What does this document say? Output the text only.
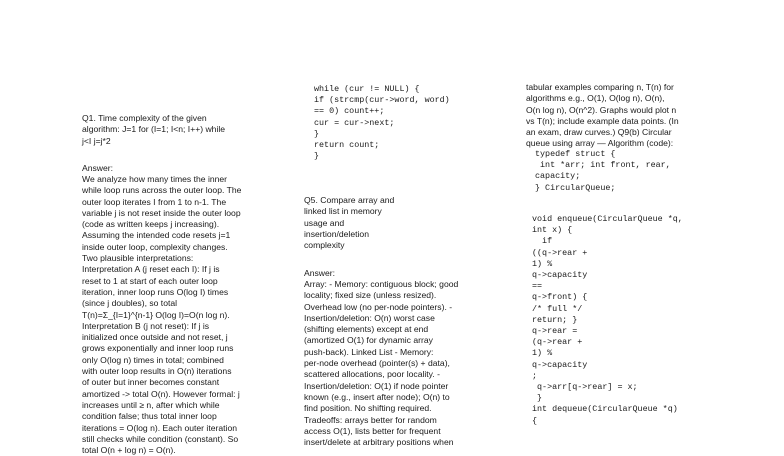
Q1. Time complexity of the given
algorithm: J=1 for (I=1; I<n; I++) while
j<I j=j*2

Answer:

We analyze how many times the inner
while loop runs across the outer loop. The
outer loop iterates I from 1 to n-1. The
variable j is not reset inside the outer loop
(code as written keeps j increasing).
Assuming the intended code resets j=1
inside outer loop, complexity changes.
Two plausible interpretations:
Interpretation A (j reset each I): If j is
reset to 1 at start of each outer loop
iteration, inner loop runs O(log I) times
(since j doubles), so total
T(n)=Σ_{I=1}^{n-1} O(log I)=O(n log n).
Interpretation B (j not reset): If j is
initialized once outside and not reset, j
grows exponentially and inner loop runs
only O(log n) times in total; combined
with outer loop results in O(n) iterations
of outer but inner becomes constant
amortized -> total O(n). However formal: j
increases until ≥ n, after which while
condition false; thus total inner loop
iterations = O(log n). Each outer iteration
still checks while condition (constant). So
total O(n + log n) = O(n).

while (cur != NULL) {
if (strcmp(cur->word, word)
== 0) count++;
cur = cur->next;
}
return count;
}

Q5. Compare array and
linked list in memory
usage and
insertion/deletion
complexity

Answer:

Array: - Memory: contiguous block; good
locality; fixed size (unless resized).
Overhead low (no per-node pointers). -
Insertion/deletion: O(n) worst case
(shifting elements) except at end
(amortized O(1) for dynamic array
push-back). Linked List - Memory:
per-node overhead (pointer(s) + data),
scattered allocations, poor locality. -
Insertion/deletion: O(1) if node pointer
known (e.g., insert after node); O(n) to
find position. No shifting required.
Tradeoffs: arrays better for random
access O(1), lists better for frequent
insert/delete at arbitrary positions when

tabular examples comparing n, T(n) for
algorithms e.g., O(1), O(log n), O(n),
O(n log n), O(n^2). Graphs would plot n
vs T(n); include example data points. (In
an exam, draw curves.) Q9(b) Circular
queue using array — Algorithm (code):

typedef struct {
int *arr; int front, rear,
capacity;
} CircularQueue;
void enqueue(CircularQueue *q,
int x) {
if
((q->rear +
1) %
q->capacity
==
q->front) {
/* full */
return; }
q->rear =
(q->rear +
1) %
q->capacity
;
q->arr[q->rear] = x;
}
int dequeue(CircularQueue *q)
{
